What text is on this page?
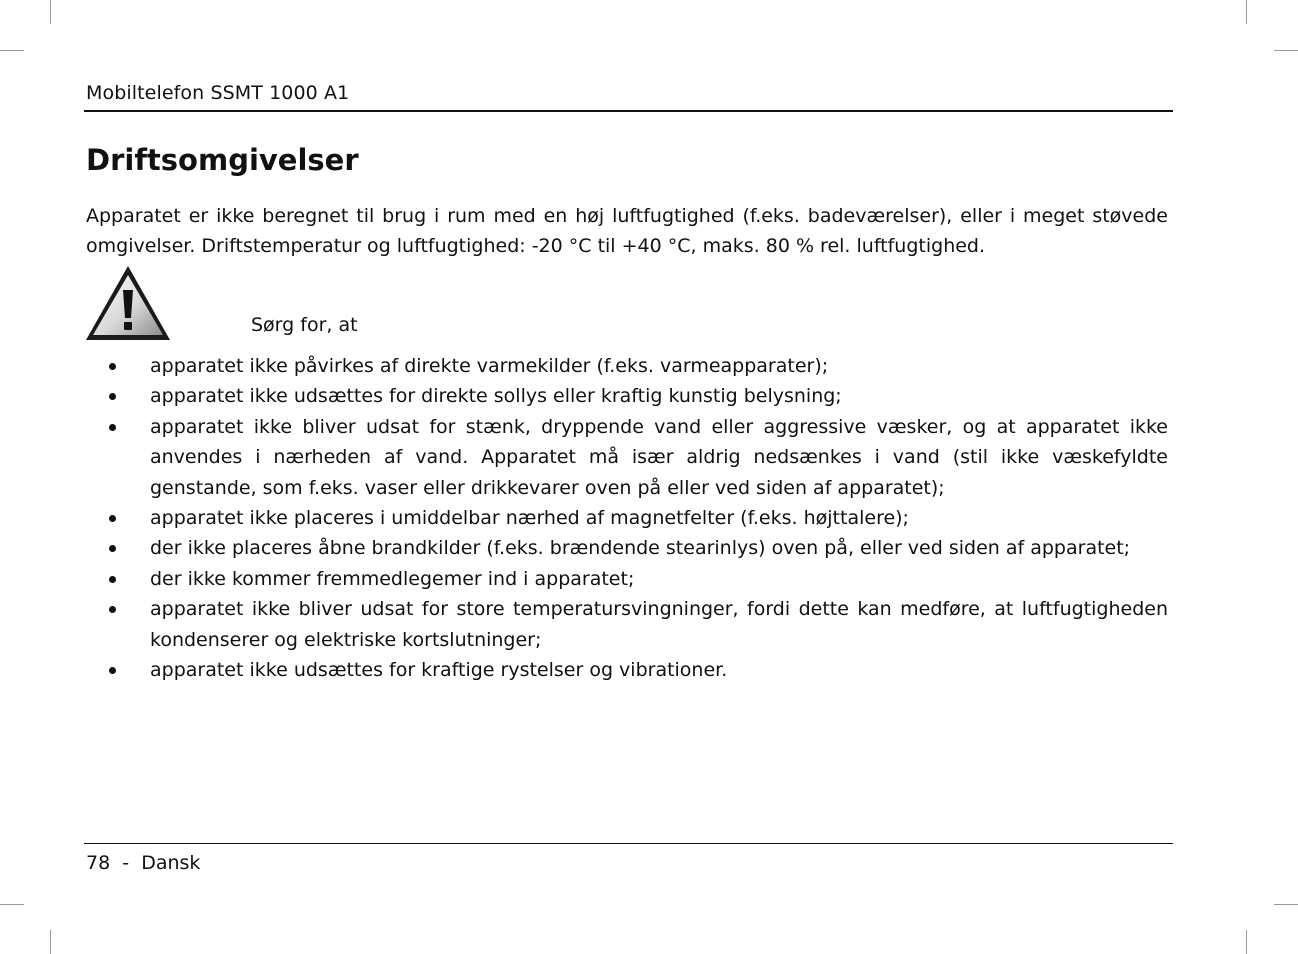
Mobiltelefon SSMT 1000 A1
Driftsomgivelser

Apparatet er ikke beregnet til brug i rum med en høj luftfugtighed (f.eks. badeværelser), eller i meget støvede omgivelser. Driftstemperatur og luftfugtighed: -20 °C til +40 °C, maks. 80 % rel. luftfugtighed.

Sørg for, at
apparatet ikke påvirkes af direkte varmekilder (f.eks. varmeapparater);
apparatet ikke udsættes for direkte sollys eller kraftig kunstig belysning;
apparatet ikke bliver udsat for stænk, dryppende vand eller aggressive væsker, og at apparatet ikke anvendes i nærheden af vand. Apparatet må især aldrig nedsænkes i vand (stil ikke væskefyldte genstande, som f.eks. vaser eller drikkevarer oven på eller ved siden af apparatet);
apparatet ikke placeres i umiddelbar nærhed af magnetfelter (f.eks. højttalere);
der ikke placeres åbne brandkilder (f.eks. brændende stearinlys) oven på, eller ved siden af apparatet;
der ikke kommer fremmedlegemer ind i apparatet;
apparatet ikke bliver udsat for store temperatursvingninger, fordi dette kan medføre, at luftfugtigheden kondenserer og elektriske kortslutninger;
apparatet ikke udsættes for kraftige rystelser og vibrationer.
78  -  Dansk
